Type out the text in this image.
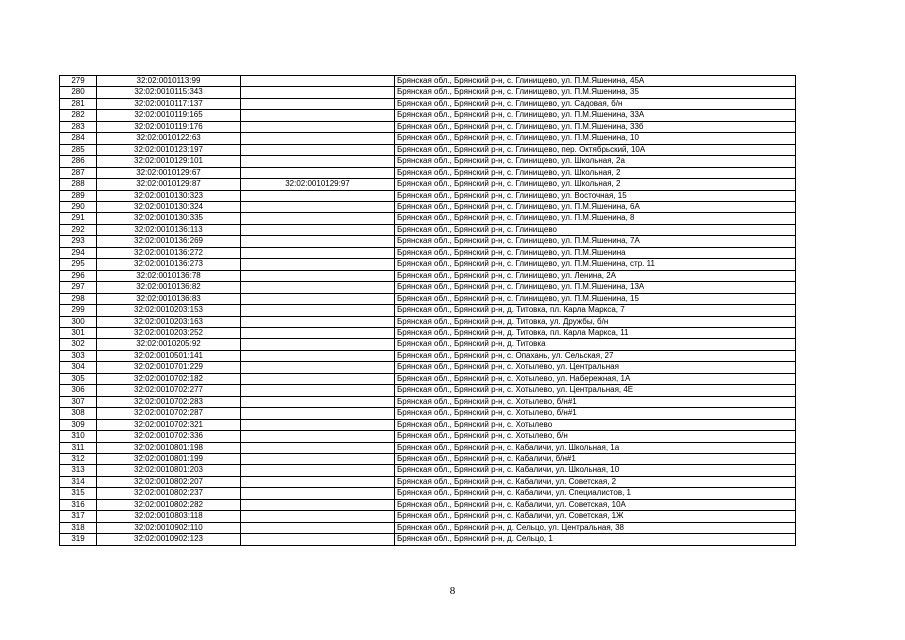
279	32:02:0010113:99		Брянская обл., Брянский р-н, с. Глинищево, ул. П.М.Яшенина, 45А
280	32:02:0010115:343		Брянская обл., Брянский р-н, с. Глинищево, ул. П.М.Яшенина, 35
281	32:02:0010117:137		Брянская обл., Брянский р-н, с. Глинищево, ул. Садовая, б/н
282	32:02:0010119:165		Брянская обл., Брянский р-н, с. Глинищево, ул. П.М.Яшенина, 33А
283	32:02:0010119:176		Брянская обл., Брянский р-н, с. Глинищево, ул. П.М.Яшенина, 33б
284	32:02:0010122:63		Брянская обл., Брянский р-н, с. Глинищево, ул. П.М.Яшенина, 10
285	32:02:0010123:197		Брянская обл., Брянский р-н, с. Глинищево, пер. Октябрьский, 10А
286	32:02:0010129:101		Брянская обл., Брянский р-н, с. Глинищево, ул. Школьная, 2а
287	32:02:0010129:67		Брянская обл., Брянский р-н, с. Глинищево, ул. Школьная, 2
288	32:02:0010129:87	32:02:0010129:97	Брянская обл., Брянский р-н, с. Глинищево, ул. Школьная, 2
289	32:02:0010130:323		Брянская обл., Брянский р-н, с. Глинищево, ул. Восточная, 15
290	32:02:0010130:324		Брянская обл., Брянский р-н, с. Глинищево, ул. П.М.Яшенина, 6А
291	32:02:0010130:335		Брянская обл., Брянский р-н, с. Глинищево, ул. П.М.Яшенина, 8
292	32:02:0010136:113		Брянская обл., Брянский р-н, с. Глинищево
293	32:02:0010136:269		Брянская обл., Брянский р-н, с. Глинищево, ул. П.М.Яшенина, 7А
294	32:02:0010136:272		Брянская обл., Брянский р-н, с. Глинищево, ул. П.М.Яшенина
295	32:02:0010136:273		Брянская обл., Брянский р-н, с. Глинищево, ул. П.М.Яшенина, стр. 11
296	32:02:0010136:78		Брянская обл., Брянский р-н, с. Глинищево, ул. Ленина, 2А
297	32:02:0010136:82		Брянская обл., Брянский р-н, с. Глинищево, ул. П.М.Яшенина, 13А
298	32:02:0010136:83		Брянская обл., Брянский р-н, с. Глинищево, ул. П.М.Яшенина, 15
299	32:02:0010203:153		Брянская обл., Брянский р-н, д. Титовка, пл. Карла Маркса, 7
300	32:02:0010203:163		Брянская обл., Брянский р-н, д. Титовка, ул. Дружбы, б/н
301	32:02:0010203:252		Брянская обл., Брянский р-н, д. Титовка, пл. Карла Маркса, 11
302	32:02:0010205:92		Брянская обл., Брянский р-н, д. Титовка
303	32:02:0010501:141		Брянская обл., Брянский р-н, с. Опахань, ул. Сельская, 27
304	32:02:0010701:229		Брянская обл., Брянский р-н, с. Хотылево, ул. Центральная
305	32:02:0010702:182		Брянская обл., Брянский р-н, с. Хотылево, ул. Набережная, 1А
306	32:02:0010702:277		Брянская обл., Брянский р-н, с. Хотылево, ул. Центральная, 4Е
307	32:02:0010702:283		Брянская обл., Брянский р-н, с. Хотылево, б/н#1
308	32:02:0010702:287		Брянская обл., Брянский р-н, с. Хотылево, б/н#1
309	32:02:0010702:321		Брянская обл., Брянский р-н, с. Хотылево
310	32:02:0010702:336		Брянская обл., Брянский р-н, с. Хотылево, б/н
311	32:02:0010801:198		Брянская обл., Брянский р-н, с. Кабаличи, ул. Школьная, 1а
312	32:02:0010801:199		Брянская обл., Брянский р-н, с. Кабаличи, б/н#1
313	32:02:0010801:203		Брянская обл., Брянский р-н, с. Кабаличи, ул. Школьная, 10
314	32:02:0010802:207		Брянская обл., Брянский р-н, с. Кабаличи, ул. Советская, 2
315	32:02:0010802:237		Брянская обл., Брянский р-н, с. Кабаличи, ул. Специалистов, 1
316	32:02:0010802:282		Брянская обл., Брянский р-н, с. Кабаличи, ул. Советская, 10А
317	32:02:0010803:118		Брянская обл., Брянский р-н, с. Кабаличи, ул. Советская, 1Ж
318	32:02:0010902:110		Брянская обл., Брянский р-н, д. Сельцо, ул. Центральная, 38
319	32:02:0010902:123		Брянская обл., Брянский р-н, д. Сельцо, 1
8
